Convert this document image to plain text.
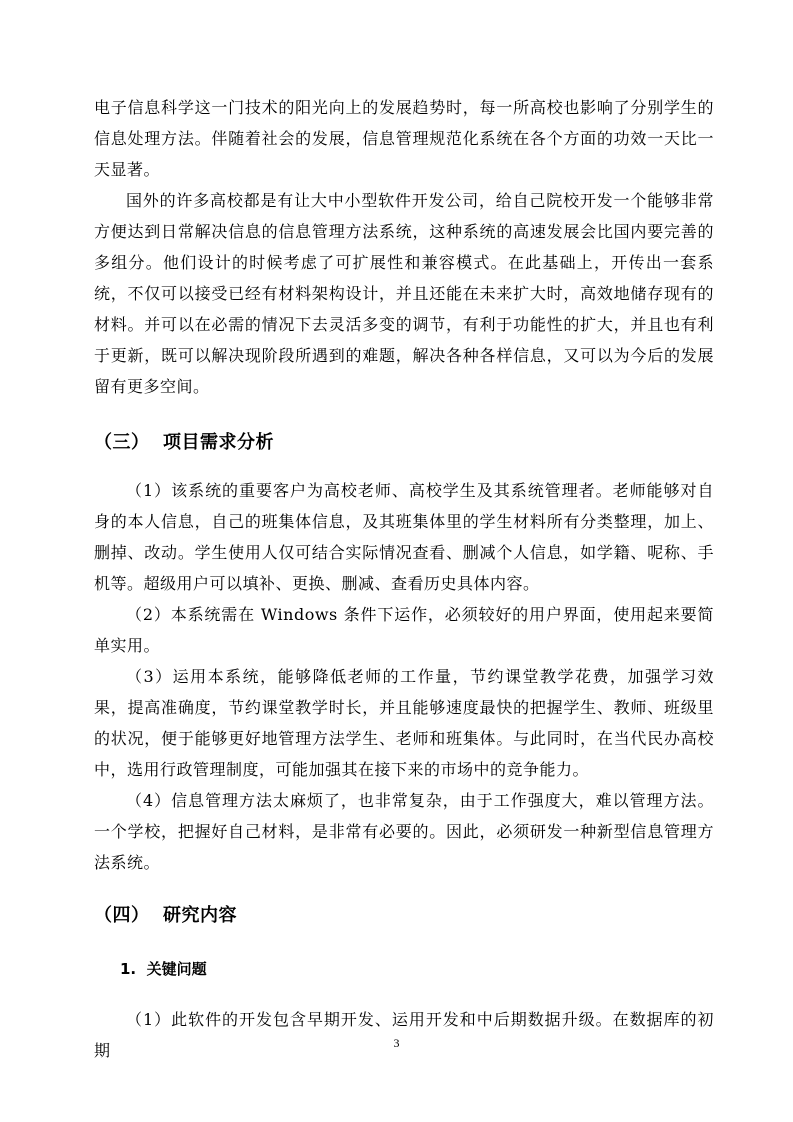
电子信息科学这一门技术的阳光向上的发展趋势时，每一所高校也影响了分别学生的信息处理方法。伴随着社会的发展，信息管理规范化系统在各个方面的功效一天比一天显著。

国外的许多高校都是有让大中小型软件开发公司，给自己院校开发一个能够非常方便达到日常解决信息的信息管理方法系统，这种系统的高速发展会比国内要完善的多组分。他们设计的时候考虑了可扩展性和兼容模式。在此基础上，开传出一套系统，不仅可以接受已经有材料架构设计，并且还能在未来扩大时，高效地储存现有的材料。并可以在必需的情况下去灵活多变的调节，有利于功能性的扩大，并且也有利于更新，既可以解决现阶段所遇到的难题，解决各种各样信息，又可以为今后的发展留有更多空间。

（三）  项目需求分析

（1）该系统的重要客户为高校老师、高校学生及其系统管理者。老师能够对自身的本人信息，自己的班集体信息，及其班集体里的学生材料所有分类整理，加上、删掉、改动。学生使用人仅可结合实际情况查看、删减个人信息，如学籍、呢称、手机等。超级用户可以填补、更换、删减、查看历史具体内容。

（2）本系统需在 Windows 条件下运作，必须较好的用户界面，使用起来要简单实用。

（3）运用本系统，能够降低老师的工作量，节约课堂教学花费，加强学习效果，提高准确度，节约课堂教学时长，并且能够速度最快的把握学生、教师、班级里的状况，便于能够更好地管理方法学生、老师和班集体。与此同时，在当代民办高校中，选用行政管理制度，可能加强其在接下来的市场中的竞争能力。

（4）信息管理方法太麻烦了，也非常复杂，由于工作强度大，难以管理方法。一个学校，把握好自己材料，是非常有必要的。因此，必须研发一种新型信息管理方法系统。

（四）  研究内容
1.  关键问题

（1）此软件的开发包含早期开发、运用开发和中后期数据升级。在数据库的初期	3
